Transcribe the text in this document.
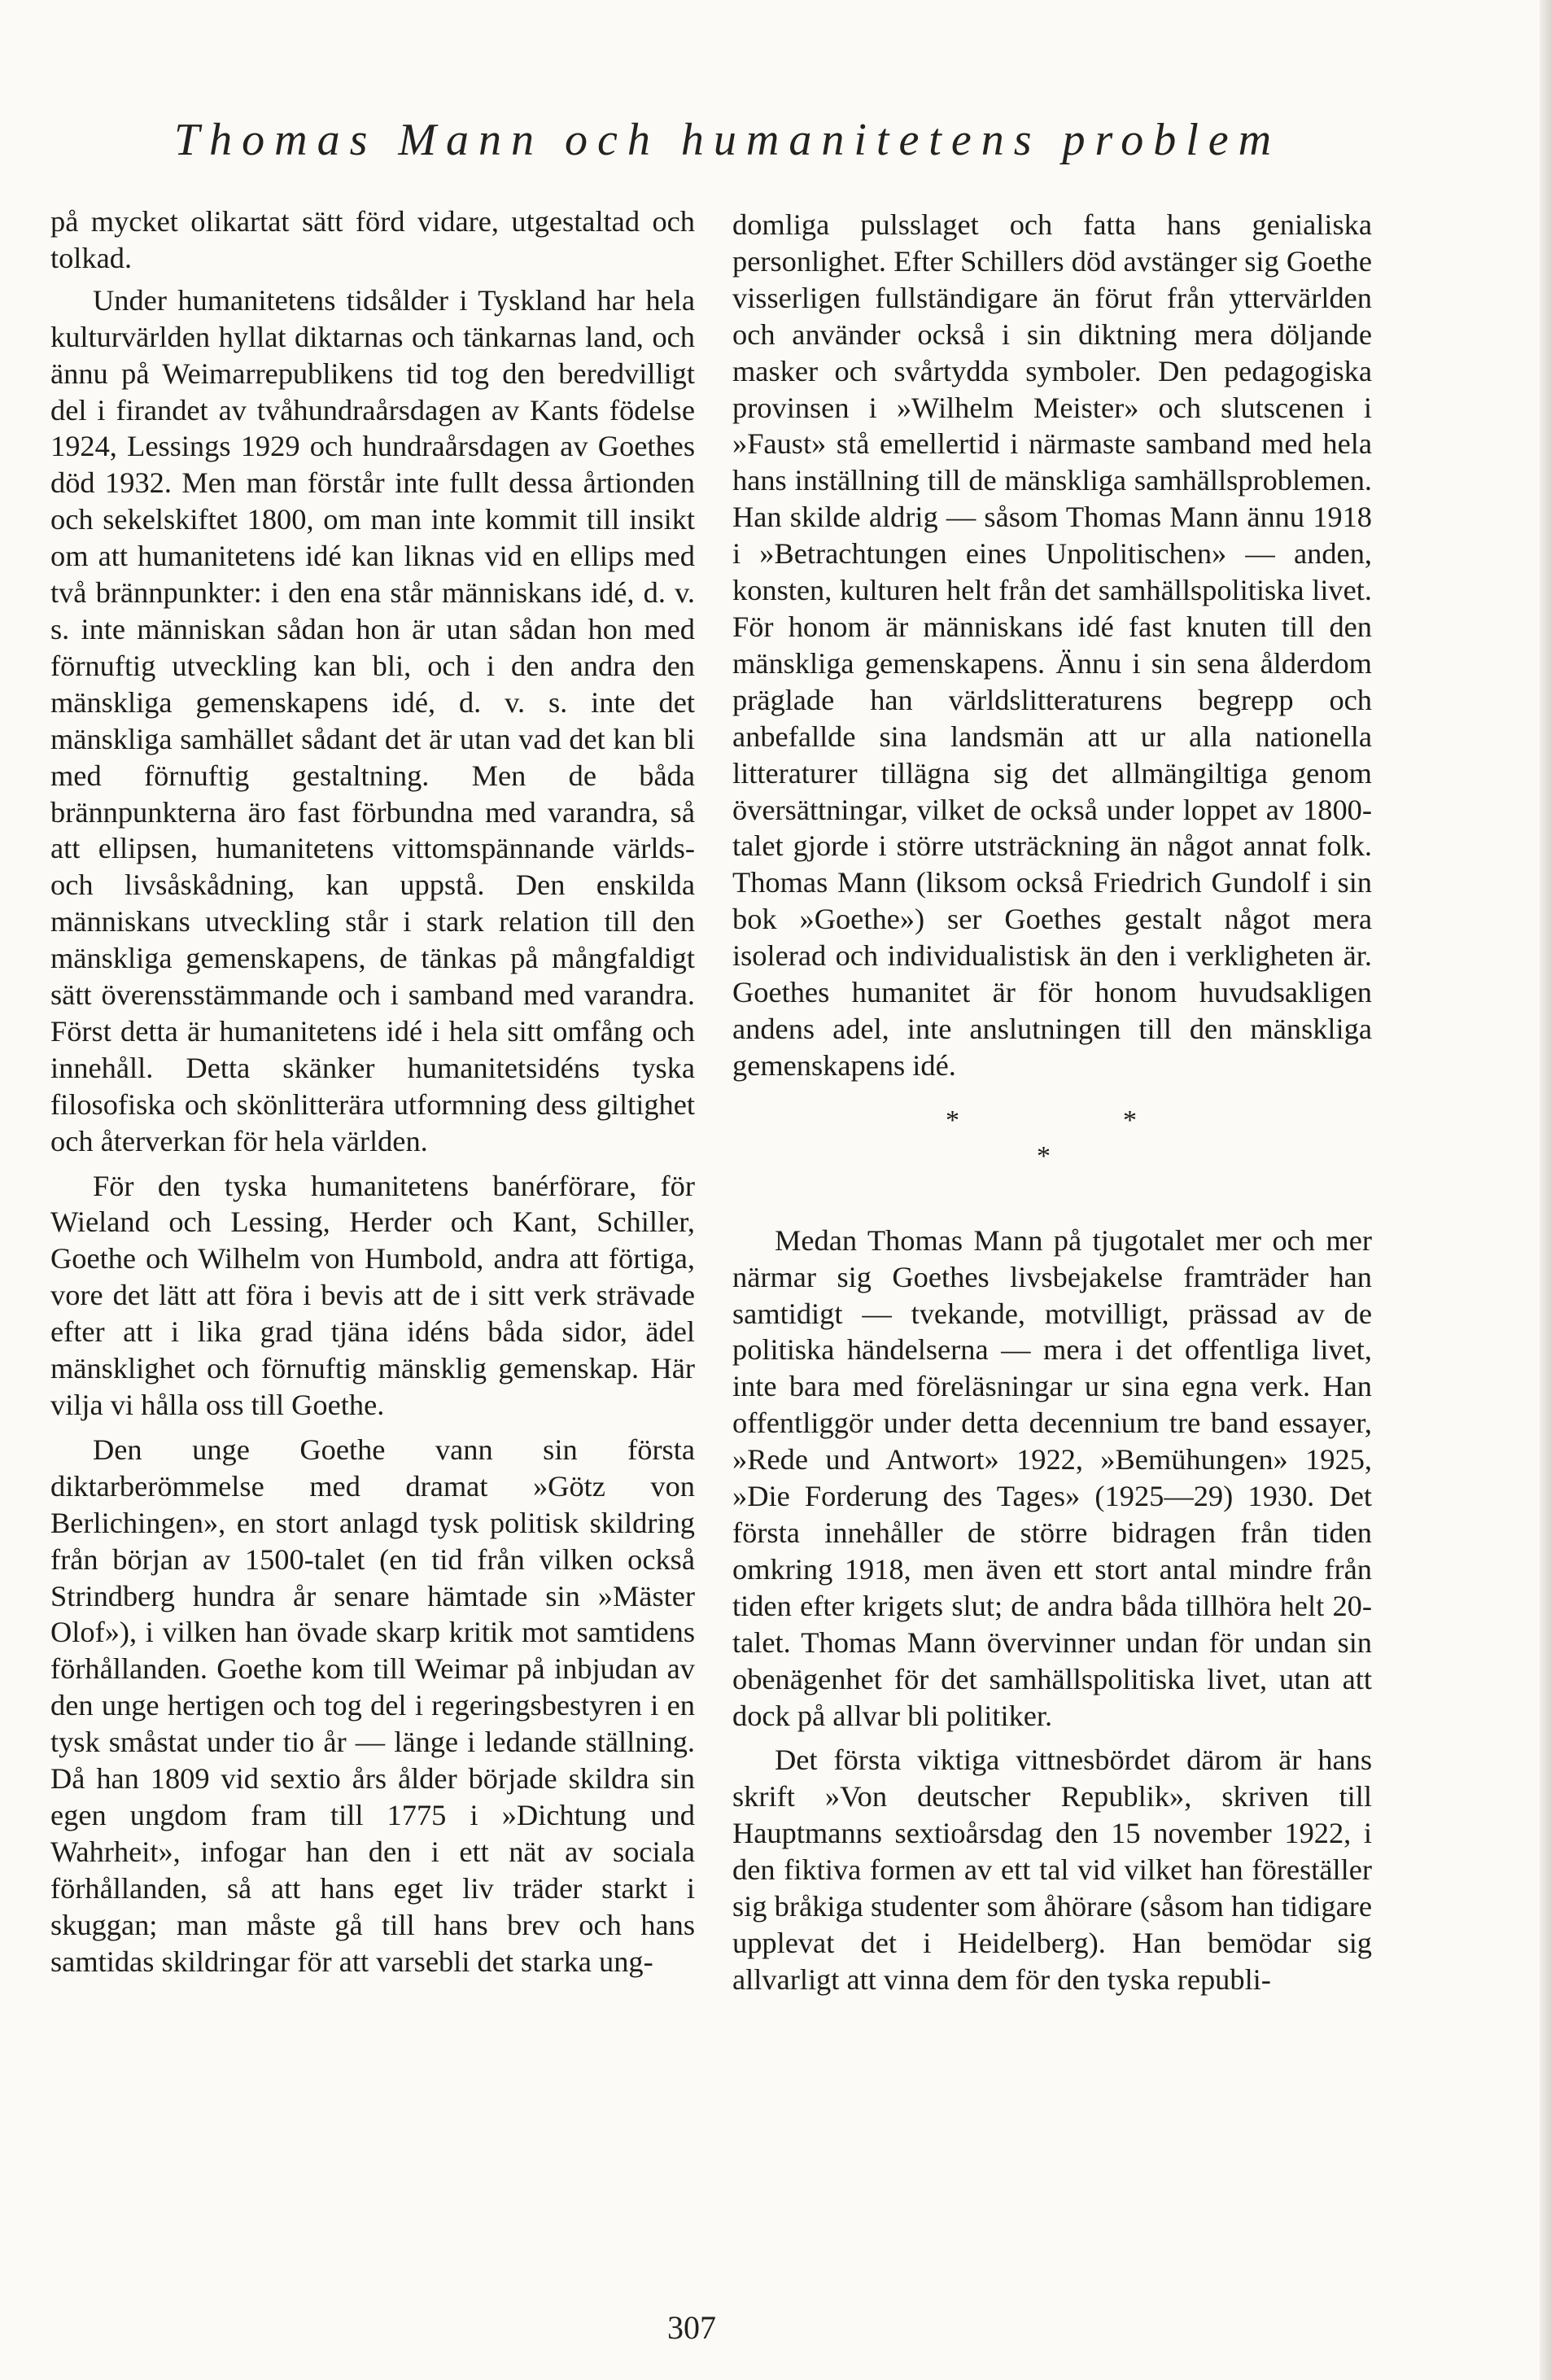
Thomas Mann och humanitetens problem

på mycket olikartat sätt förd vidare, utgestaltad och tolkad.

Under humanitetens tidsålder i Tyskland har hela kulturvärlden hyllat diktarnas och tänkarnas land, och ännu på Weimarrepublikens tid tog den beredvilligt del i firandet av tvåhundraårsdagen av Kants födelse 1924, Lessings 1929 och hundraårsdagen av Goethes död 1932. Men man förstår inte fullt dessa årtionden och sekelskiftet 1800, om man inte kommit till insikt om att humanitetens idé kan liknas vid en ellips med två brännpunkter: i den ena står människans idé, d. v. s. inte människan sådan hon är utan sådan hon med förnuftig utveckling kan bli, och i den andra den mänskliga gemenskapens idé, d. v. s. inte det mänskliga samhället sådant det är utan vad det kan bli med förnuftig gestaltning. Men de båda brännpunkterna äro fast förbundna med varandra, så att ellipsen, humanitetens vittomspännande världs- och livsåskådning, kan uppstå. Den enskilda människans utveckling står i stark relation till den mänskliga gemenskapens, de tänkas på mångfaldigt sätt överensstämmande och i samband med varandra. Först detta är humanitetens idé i hela sitt omfång och innehåll. Detta skänker humanitetsidéns tyska filosofiska och skönlitterära utformning dess giltighet och återverkan för hela världen.

För den tyska humanitetens banérförare, för Wieland och Lessing, Herder och Kant, Schiller, Goethe och Wilhelm von Humbold, andra att förtiga, vore det lätt att föra i bevis att de i sitt verk strävade efter att i lika grad tjäna idéns båda sidor, ädel mänsklighet och förnuftig mänsklig gemenskap. Här vilja vi hålla oss till Goethe.

Den unge Goethe vann sin första diktarberömmelse med dramat »Götz von Berlichingen», en stort anlagd tysk politisk skildring från början av 1500-talet (en tid från vilken också Strindberg hundra år senare hämtade sin »Mäster Olof»), i vilken han övade skarp kritik mot samtidens förhållanden. Goethe kom till Weimar på inbjudan av den unge hertigen och tog del i regeringsbestyren i en tysk småstat under tio år — länge i ledande ställning. Då han 1809 vid sextio års ålder började skildra sin egen ungdom fram till 1775 i »Dichtung und Wahrheit», infogar han den i ett nät av sociala förhållanden, så att hans eget liv träder starkt i skuggan; man måste gå till hans brev och hans samtidas skildringar för att varsebli det starka ung-

domliga pulsslaget och fatta hans genialiska personlighet. Efter Schillers död avstänger sig Goethe visserligen fullständigare än förut från yttervärlden och använder också i sin diktning mera döljande masker och svårtydda symboler. Den pedagogiska provinsen i »Wilhelm Meister» och slutscenen i »Faust» stå emellertid i närmaste samband med hela hans inställning till de mänskliga samhällsproblemen. Han skilde aldrig — såsom Thomas Mann ännu 1918 i »Betrachtungen eines Unpolitischen» — anden, konsten, kulturen helt från det samhällspolitiska livet. För honom är människans idé fast knuten till den mänskliga gemenskapens. Ännu i sin sena ålderdom präglade han världslitteraturens begrepp och anbefallde sina landsmän att ur alla nationella litteraturer tillägna sig det allmängiltiga genom översättningar, vilket de också under loppet av 1800-talet gjorde i större utsträckning än något annat folk. Thomas Mann (liksom också Friedrich Gundolf i sin bok »Goethe») ser Goethes gestalt något mera isolerad och individualistisk än den i verkligheten är. Goethes humanitet är för honom huvudsakligen andens adel, inte anslutningen till den mänskliga gemenskapens idé.

*	*
*

Medan Thomas Mann på tjugotalet mer och mer närmar sig Goethes livsbejakelse framträder han samtidigt — tvekande, motvilligt, prässad av de politiska händelserna — mera i det offentliga livet, inte bara med föreläsningar ur sina egna verk. Han offentliggör under detta decennium tre band essayer, »Rede und Antwort» 1922, »Bemühungen» 1925, »Die Forderung des Tages» (1925—29) 1930. Det första innehåller de större bidragen från tiden omkring 1918, men även ett stort antal mindre från tiden efter krigets slut; de andra båda tillhöra helt 20-talet. Thomas Mann övervinner undan för undan sin obenägenhet för det samhällspolitiska livet, utan att dock på allvar bli politiker.

Det första viktiga vittnesbördet därom är hans skrift »Von deutscher Republik», skriven till Hauptmanns sextioårsdag den 15 november 1922, i den fiktiva formen av ett tal vid vilket han föreställer sig bråkiga studenter som åhörare (såsom han tidigare upplevat det i Heidelberg). Han bemödar sig allvarligt att vinna dem för den tyska republi-

307
